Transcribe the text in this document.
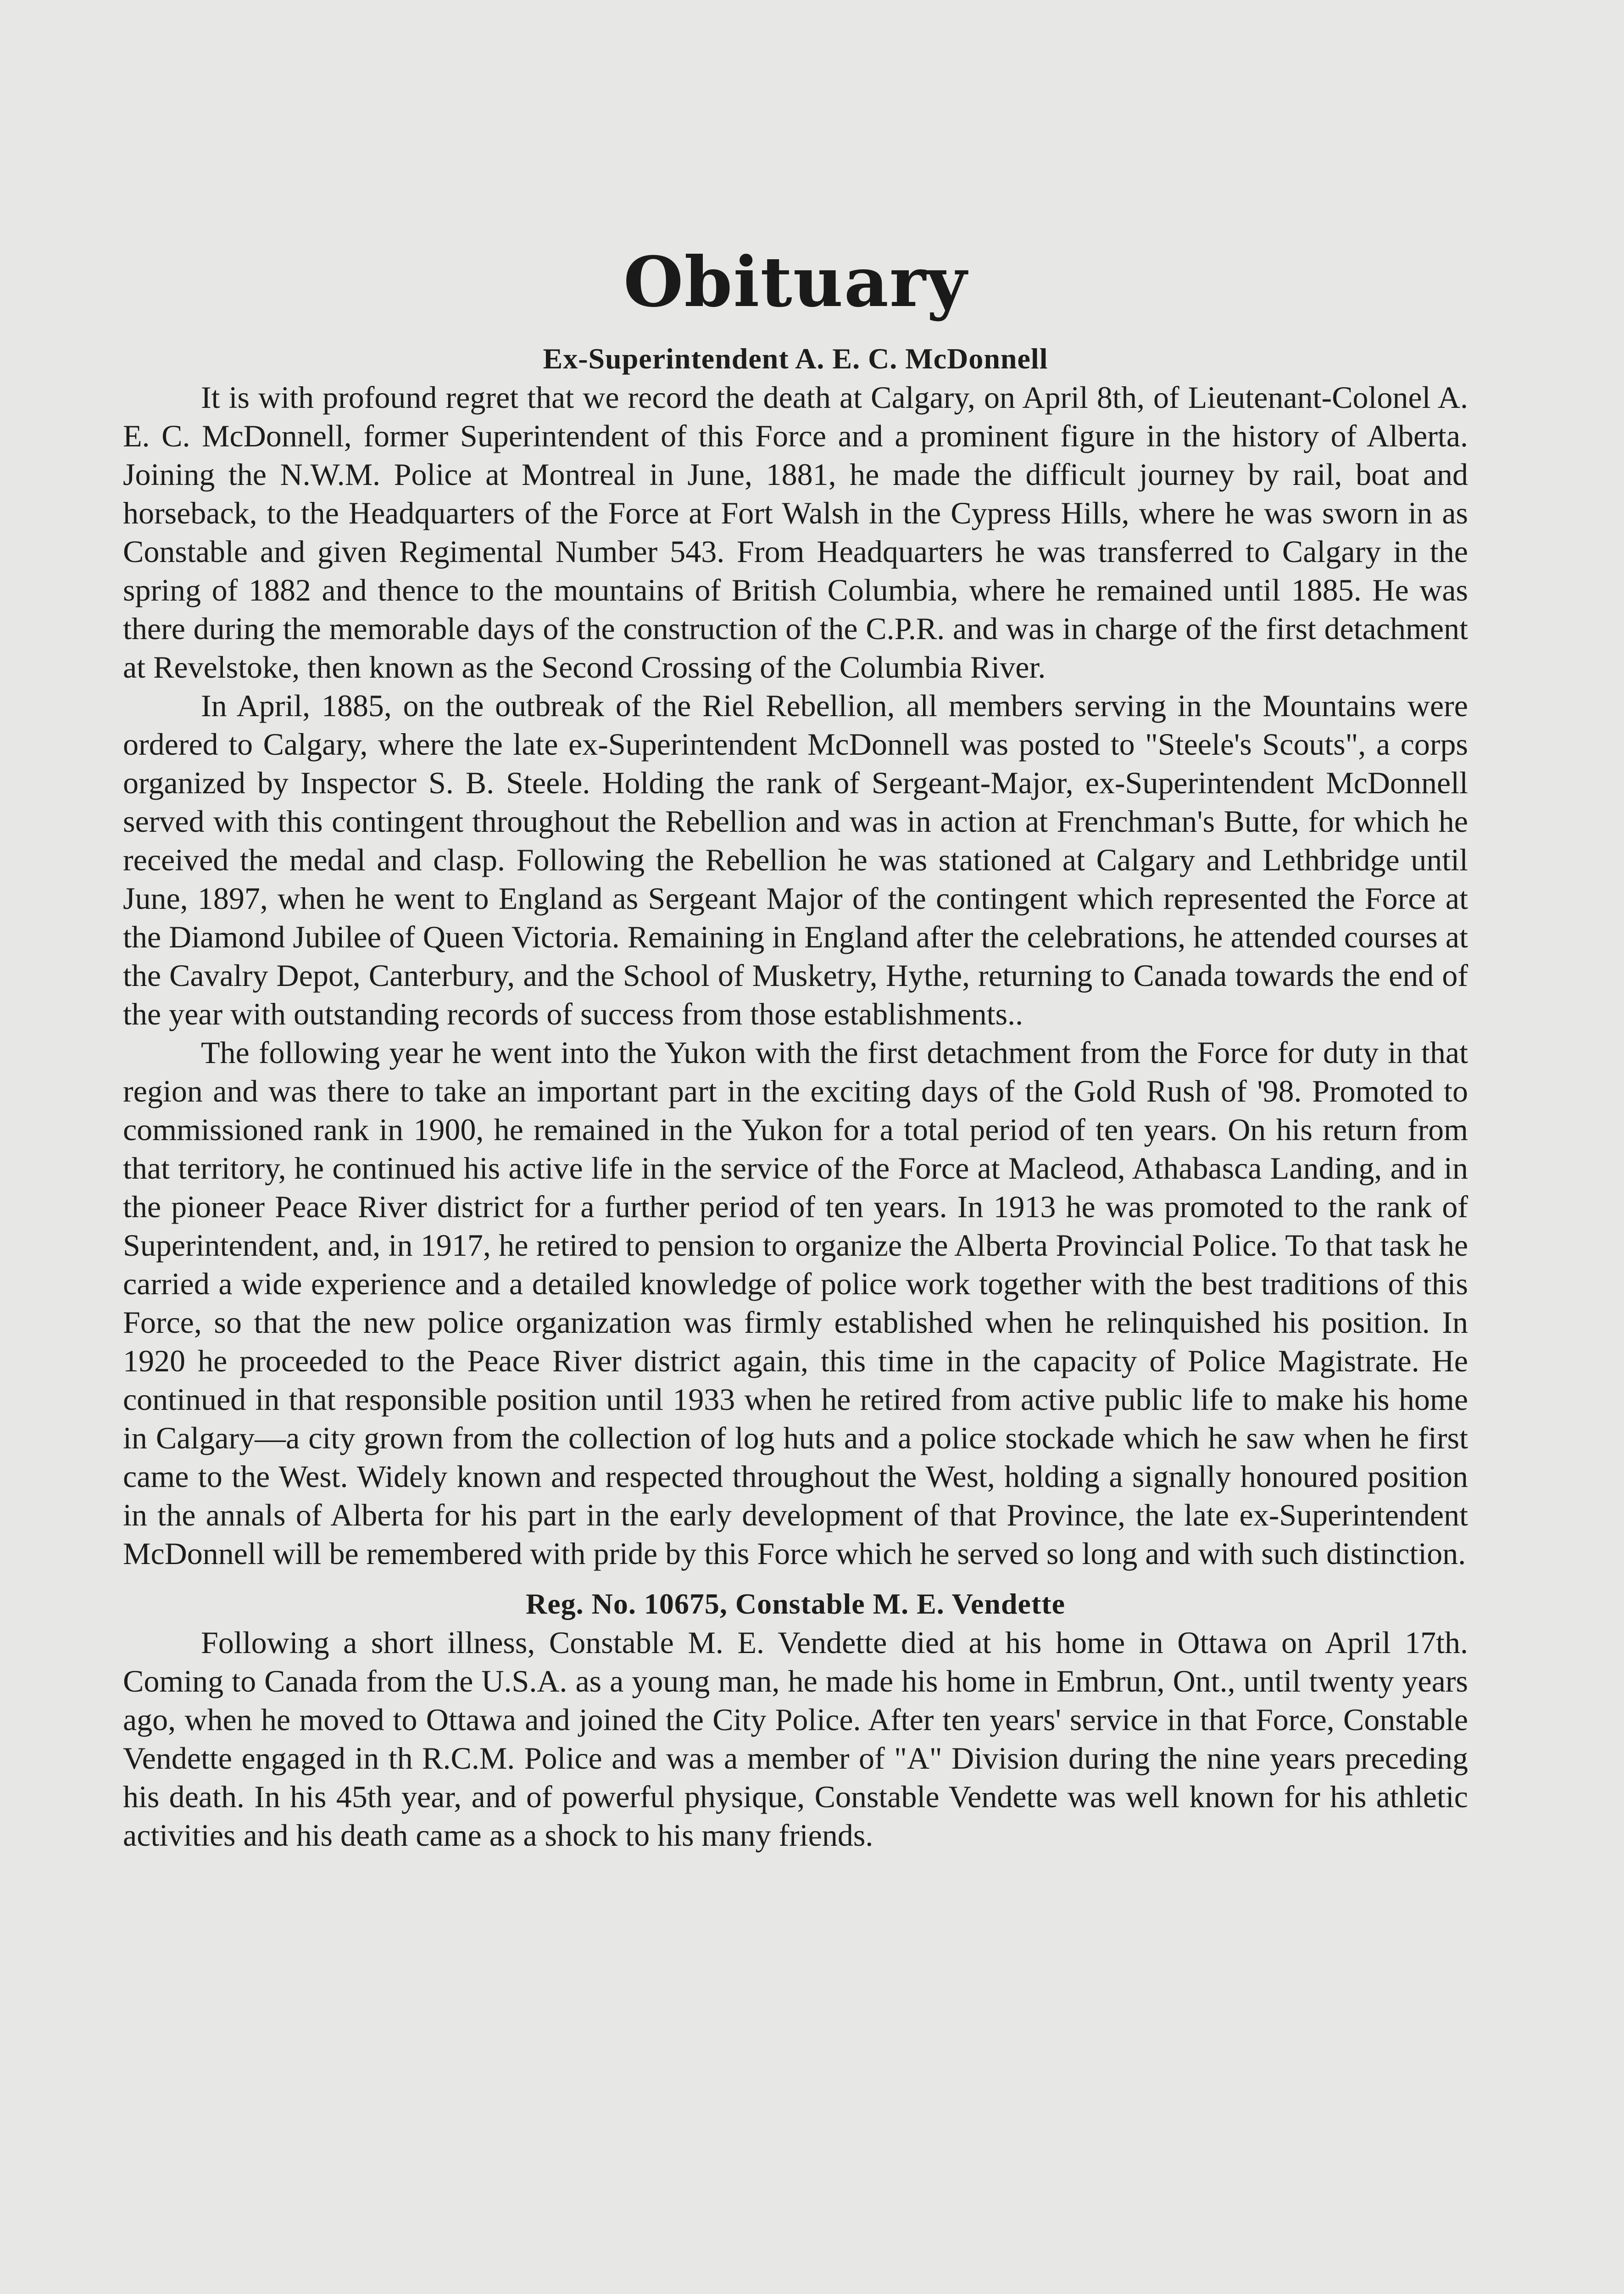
Obituary
Ex-Superintendent A. E. C. McDonnell

It is with profound regret that we record the death at Calgary, on April 8th, of Lieutenant-Colonel A. E. C. McDonnell, former Superintendent of this Force and a prominent figure in the history of Alberta. Joining the N.W.M. Police at Montreal in June, 1881, he made the difficult journey by rail, boat and horseback, to the Headquarters of the Force at Fort Walsh in the Cypress Hills, where he was sworn in as Constable and given Regimental Number 543. From Headquarters he was transferred to Calgary in the spring of 1882 and thence to the mountains of British Columbia, where he remained until 1885. He was there during the memorable days of the construction of the C.P.R. and was in charge of the first detachment at Revelstoke, then known as the Second Crossing of the Columbia River.

In April, 1885, on the outbreak of the Riel Rebellion, all members serving in the Mountains were ordered to Calgary, where the late ex-Superintendent McDonnell was posted to "Steele's Scouts", a corps organized by Inspector S. B. Steele. Holding the rank of Sergeant-Major, ex-Superintendent McDonnell served with this contingent throughout the Rebellion and was in action at Frenchman's Butte, for which he received the medal and clasp. Following the Rebellion he was stationed at Calgary and Lethbridge until June, 1897, when he went to England as Sergeant Major of the contingent which represented the Force at the Diamond Jubilee of Queen Victoria. Remaining in England after the celebrations, he attended courses at the Cavalry Depot, Canterbury, and the School of Musketry, Hythe, returning to Canada towards the end of the year with outstanding records of success from those establishments..

The following year he went into the Yukon with the first detachment from the Force for duty in that region and was there to take an important part in the exciting days of the Gold Rush of '98. Promoted to commissioned rank in 1900, he remained in the Yukon for a total period of ten years. On his return from that territory, he continued his active life in the service of the Force at Macleod, Athabasca Landing, and in the pioneer Peace River district for a further period of ten years. In 1913 he was promoted to the rank of Superintendent, and, in 1917, he retired to pension to organize the Alberta Provincial Police. To that task he carried a wide experience and a detailed knowledge of police work together with the best traditions of this Force, so that the new police organization was firmly established when he relinquished his position. In 1920 he proceeded to the Peace River district again, this time in the capacity of Police Magistrate. He continued in that responsible position until 1933 when he retired from active public life to make his home in Calgary—a city grown from the collection of log huts and a police stockade which he saw when he first came to the West. Widely known and respected throughout the West, holding a signally honoured position in the annals of Alberta for his part in the early development of that Province, the late ex-Superintendent McDonnell will be remembered with pride by this Force which he served so long and with such distinction.

Reg. No. 10675, Constable M. E. Vendette

Following a short illness, Constable M. E. Vendette died at his home in Ottawa on April 17th. Coming to Canada from the U.S.A. as a young man, he made his home in Embrun, Ont., until twenty years ago, when he moved to Ottawa and joined the City Police. After ten years' service in that Force, Constable Vendette engaged in th R.C.M. Police and was a member of "A" Division during the nine years preceding his death. In his 45th year, and of powerful physique, Constable Vendette was well known for his athletic activities and his death came as a shock to his many friends.
